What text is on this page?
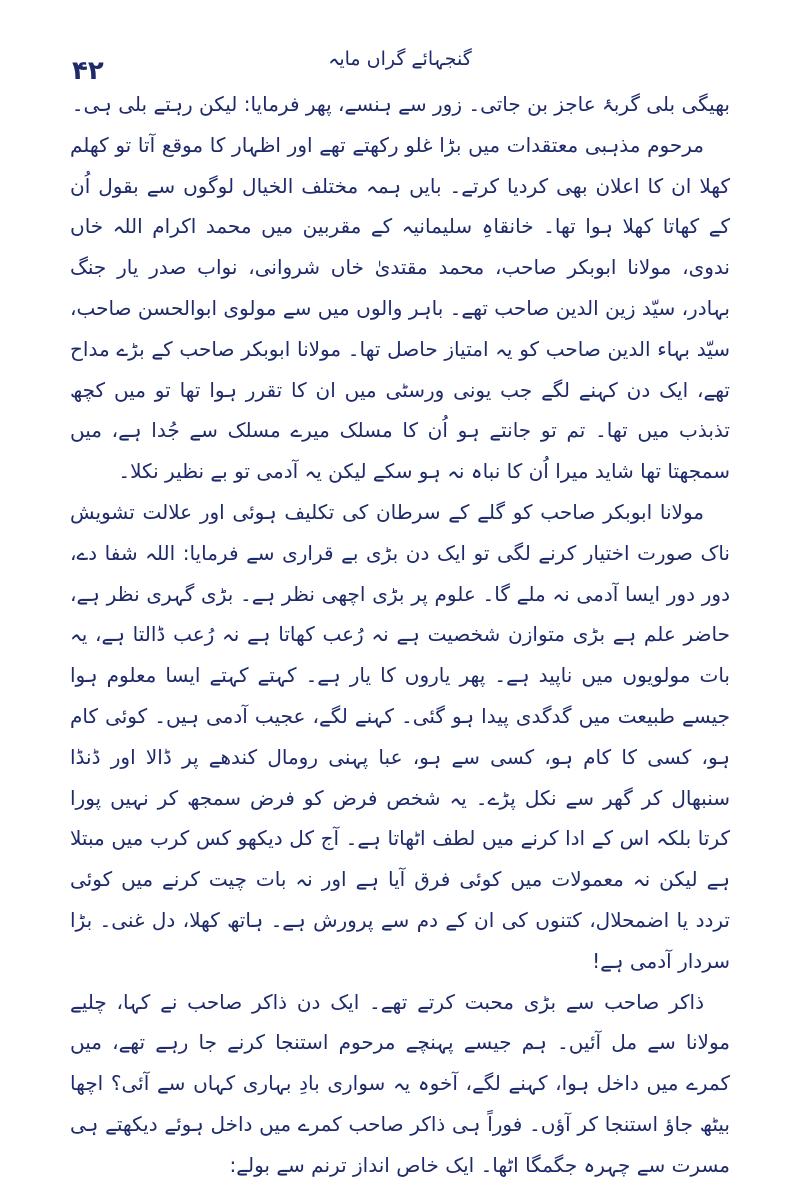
۴۲	گنجہائے گراں مایہ

بھیگی بلی گربۂ عاجز بن جاتی۔ زور سے ہنسے، پھر فرمایا: لیکن رہتے بلی ہی۔

مرحوم مذہبی معتقدات میں بڑا غلو رکھتے تھے اور اظہار کا موقع آتا تو کھلم کھلا ان کا اعلان بھی کردیا کرتے۔ بایں ہمہ مختلف الخیال لوگوں سے بقول اُن کے کھاتا کھلا ہوا تھا۔ خانقاہِ سلیمانیہ کے مقربین میں محمد اکرام اللہ خاں ندوی، مولانا ابوبکر صاحب، محمد مقتدیٰ خاں شروانی، نواب صدر یار جنگ بہادر، سیّد زین الدین صاحب تھے۔ باہر والوں میں سے مولوی ابوالحسن صاحب، سیّد بہاء الدین صاحب کو یہ امتیاز حاصل تھا۔ مولانا ابوبکر صاحب کے بڑے مداح تھے، ایک دن کہنے لگے جب یونی ورسٹی میں ان کا تقرر ہوا تھا تو میں کچھ تذبذب میں تھا۔ تم تو جانتے ہو اُن کا مسلک میرے مسلک سے جُدا ہے، میں سمجھتا تھا شاید میرا اُن کا نباہ نہ ہو سکے لیکن یہ آدمی تو بے نظیر نکلا۔

مولانا ابوبکر صاحب کو گلے کے سرطان کی تکلیف ہوئی اور علالت تشویش ناک صورت اختیار کرنے لگی تو ایک دن بڑی بے قراری سے فرمایا: اللہ شفا دے، دور دور ایسا آدمی نہ ملے گا۔ علوم پر بڑی اچھی نظر ہے۔ بڑی گہری نظر ہے، حاضر علم ہے بڑی متوازن شخصیت ہے نہ رُعب کھاتا ہے نہ رُعب ڈالتا ہے، یہ بات مولویوں میں ناپید ہے۔ پھر یاروں کا یار ہے۔ کہتے کہتے ایسا معلوم ہوا جیسے طبیعت میں گدگدی پیدا ہو گئی۔ کہنے لگے، عجیب آدمی ہیں۔ کوئی کام ہو، کسی کا کام ہو، کسی سے ہو، عبا پہنی رومال کندھے پر ڈالا اور ڈنڈا سنبھال کر گھر سے نکل پڑے۔ یہ شخص فرض کو فرض سمجھ کر نہیں پورا کرتا بلکہ اس کے ادا کرنے میں لطف اٹھاتا ہے۔ آج کل دیکھو کس کرب میں مبتلا ہے لیکن نہ معمولات میں کوئی فرق آیا ہے اور نہ بات چیت کرنے میں کوئی تردد یا اضمحلال، کتنوں کی ان کے دم سے پرورش ہے۔ ہاتھ کھلا، دل غنی۔ بڑا سردار آدمی ہے!

ذاکر صاحب سے بڑی محبت کرتے تھے۔ ایک دن ذاکر صاحب نے کہا، چلیے مولانا سے مل آئیں۔ ہم جیسے پہنچے مرحوم استنجا کرنے جا رہے تھے، میں کمرے میں داخل ہوا، کہنے لگے، آخوہ یہ سواری بادِ بہاری کہاں سے آئی؟ اچھا بیٹھ جاؤ استنجا کر آؤں۔ فوراً ہی ذاکر صاحب کمرے میں داخل ہوئے دیکھتے ہی مسرت سے چہرہ جگمگا اٹھا۔ ایک خاص انداز ترنم سے بولے:
